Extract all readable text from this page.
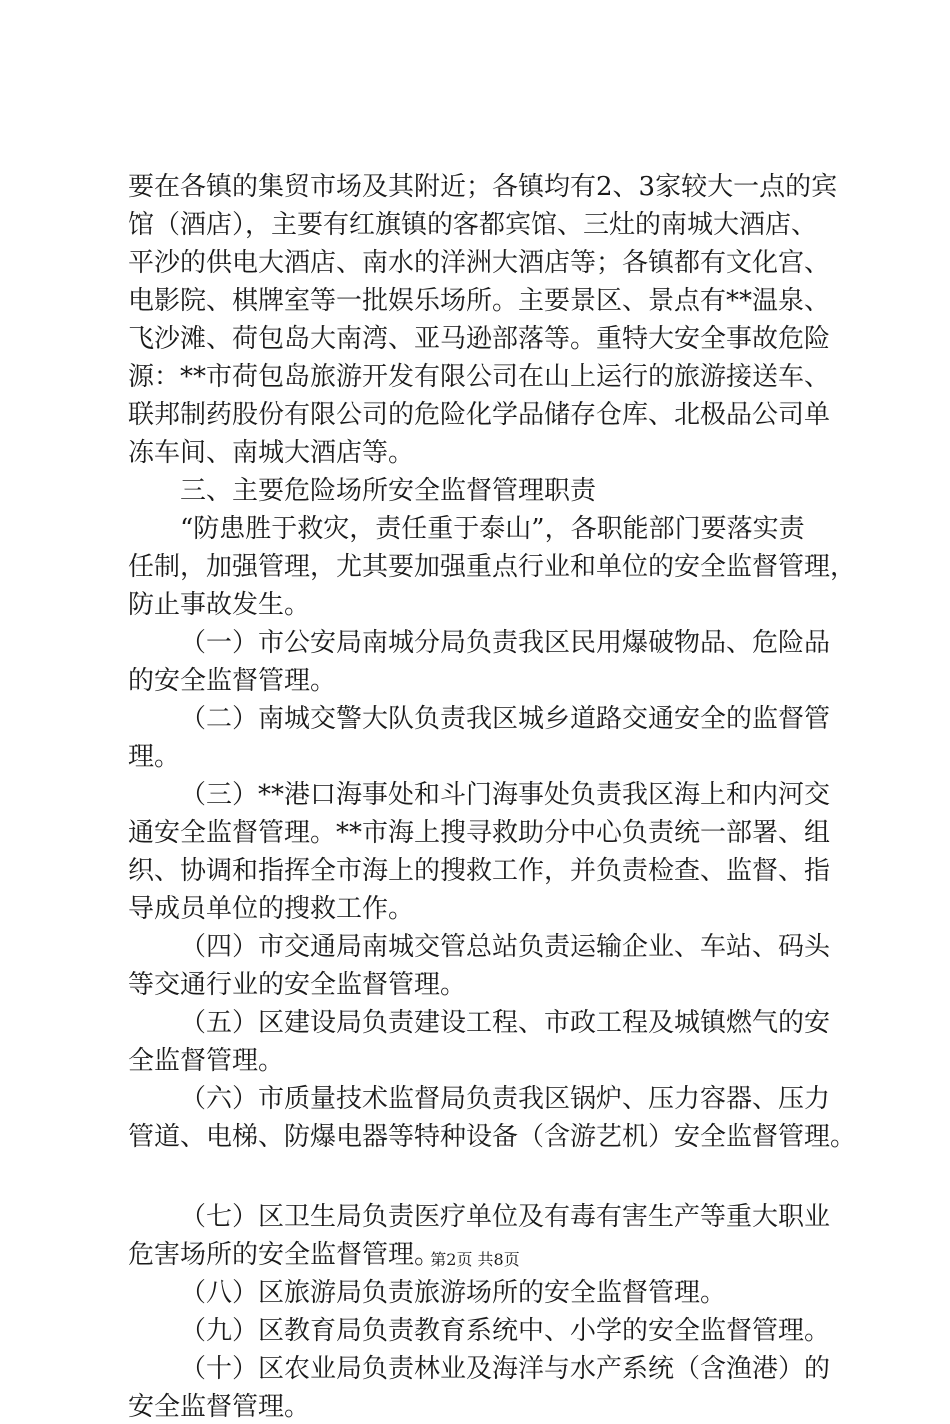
要在各镇的集贸市场及其附近；各镇均有2、3家较大一点的宾
馆（酒店），主要有红旗镇的客都宾馆、三灶的南城大酒店、
平沙的供电大酒店、南水的洋洲大酒店等；各镇都有文化宫、
电影院、棋牌室等一批娱乐场所。主要景区、景点有**温泉、
飞沙滩、荷包岛大南湾、亚马逊部落等。重特大安全事故危险
源：**市荷包岛旅游开发有限公司在山上运行的旅游接送车、
联邦制药股份有限公司的危险化学品储存仓库、北极品公司单
冻车间、南城大酒店等。
三、主要危险场所安全监督管理职责
“防患胜于救灾，责任重于泰山”，各职能部门要落实责
任制，加强管理，尤其要加强重点行业和单位的安全监督管理，
防止事故发生。
（一）市公安局南城分局负责我区民用爆破物品、危险品
的安全监督管理。
（二）南城交警大队负责我区城乡道路交通安全的监督管
理。
（三）**港口海事处和斗门海事处负责我区海上和内河交
通安全监督管理。**市海上搜寻救助分中心负责统一部署、组
织、协调和指挥全市海上的搜救工作，并负责检查、监督、指
导成员单位的搜救工作。
（四）市交通局南城交管总站负责运输企业、车站、码头
等交通行业的安全监督管理。
（五）区建设局负责建设工程、市政工程及城镇燃气的安
全监督管理。
（六）市质量技术监督局负责我区锅炉、压力容器、压力
管道、电梯、防爆电器等特种设备（含游艺机）安全监督管理。
（七）区卫生局负责医疗单位及有毒有害生产等重大职业
危害场所的安全监督管理。
（八）区旅游局负责旅游场所的安全监督管理。
（九）区教育局负责教育系统中、小学的安全监督管理。
（十）区农业局负责林业及海洋与水产系统（含渔港）的
安全监督管理。
第2页 共8页
